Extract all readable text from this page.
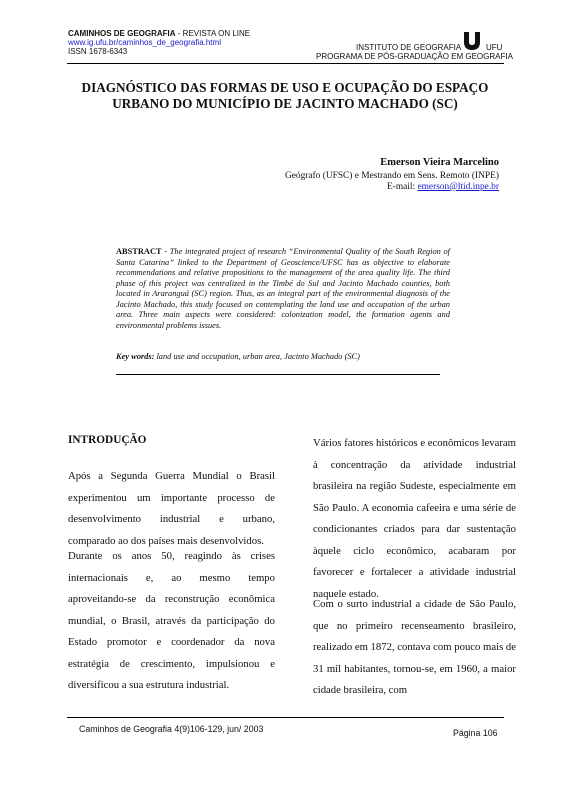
CAMINHOS DE GEOGRAFIA - REVISTA ON LINE
www.ig.ufu.br/caminhos_de_geografia.html
ISSN 1678-6343	INSTITUTO DE GEOGRAFIA	UFU
PROGRAMA DE PÓS-GRADUAÇÃO EM GEOGRAFIA
DIAGNÓSTICO DAS FORMAS DE USO E OCUPAÇÃO DO ESPAÇO URBANO DO MUNICÍPIO DE JACINTO MACHADO (SC)
Emerson Vieira Marcelino
Geógrafo (UFSC) e Mestrando em Sens. Remoto (INPE)
E-mail: emerson@ltid.inpe.br
ABSTRACT - The integrated project of research “Environmental Quality of the South Region of Santa Catarina” linked to the Department of Geoscience/UFSC has as objective to elaborate recommendations and relative propositions to the management of the area quality life. The third phase of this project was centralized in the Timbé do Sul and Jacinto Machado counties, both located in Araranguá (SC) region. Thus, as an integral part of the environmental diagnosis of the Jacinto Machado, this study focused on contemplating the land use and occupation of the urban area. Three main aspects were considered: colonization model, the formation agents and environmental problems issues.
Key words: land use and occupation, urban area, Jacinto Machado (SC)
INTRODUÇÃO
Após a Segunda Guerra Mundial o Brasil experimentou um importante processo de desenvolvimento industrial e urbano, comparado ao dos países mais desenvolvidos.
Durante os anos 50, reagindo às crises internacionais e, ao mesmo tempo aproveitando-se da reconstrução econômica mundial, o Brasil, através da participação do Estado promotor e coordenador da nova estratégia de crescimento, impulsionou e diversificou a sua estrutura industrial.
Vários fatores históricos e econômicos levaram à concentração da atividade industrial brasileira na região Sudeste, especialmente em São Paulo. A economia cafeeira e uma série de condicionantes criados para dar sustentação àquele ciclo econômico, acabaram por favorecer e fortalecer a atividade industrial naquele estado.
Com o surto industrial a cidade de São Paulo, que no primeiro recenseamento brasileiro, realizado em 1872, contava com pouco mais de 31 mil habitantes, tornou-se, em 1960, a maior cidade brasileira, com
Caminhos de Geografia 4(9)106-129, jun/ 2003	Página 106
